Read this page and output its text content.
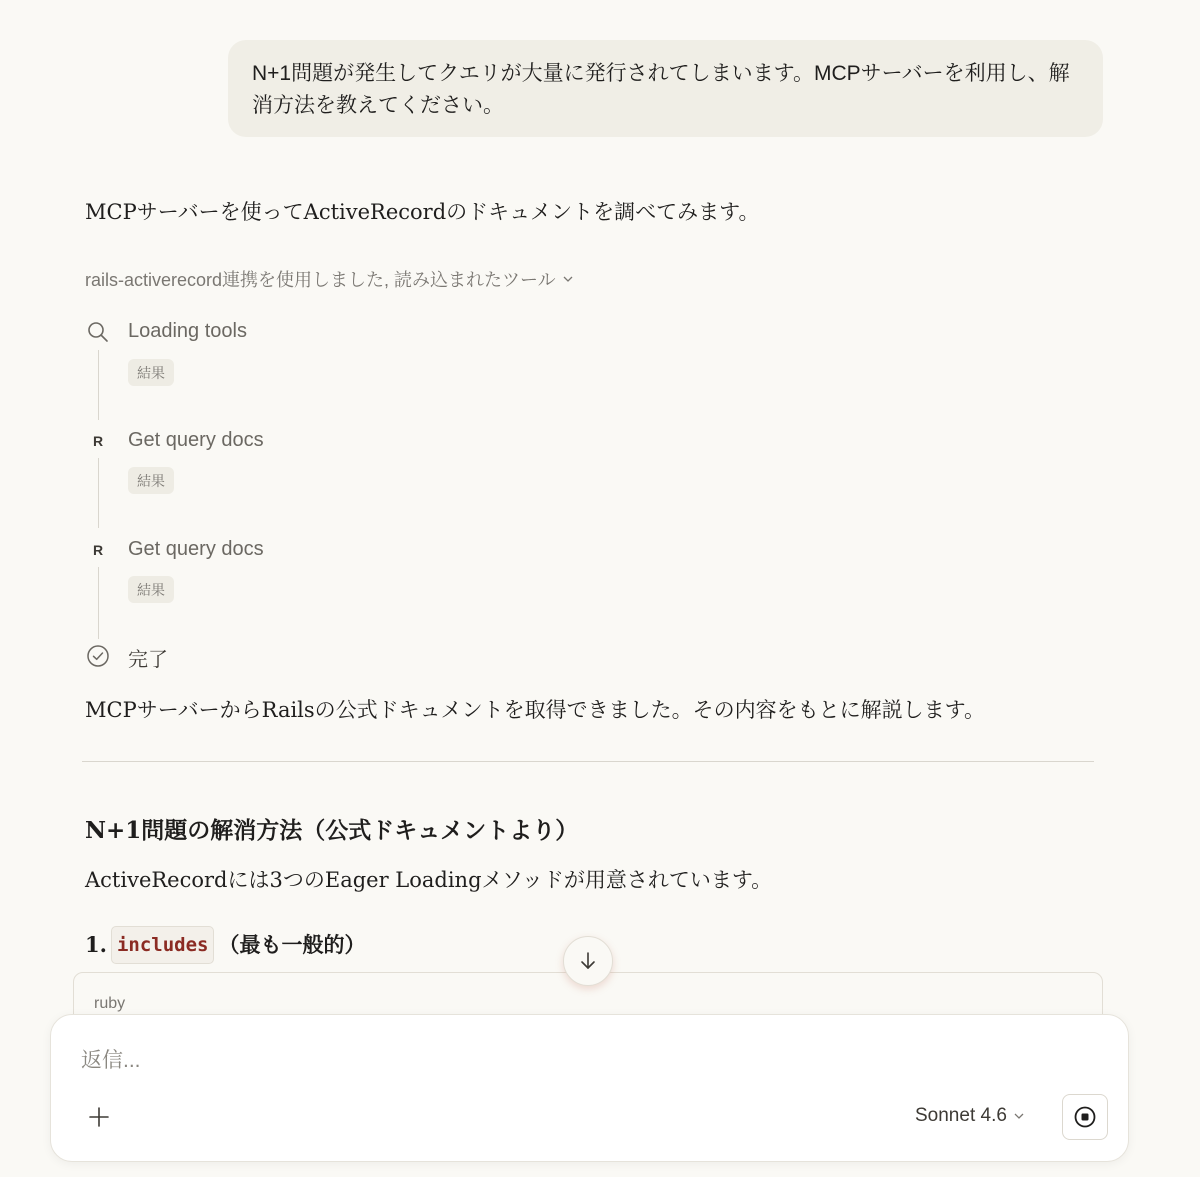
N+1問題が発生してクエリが大量に発行されてしまいます。MCPサーバーを利用し、解消方法を教えてください。
MCPサーバーを使ってActiveRecordのドキュメントを調べてみます。
rails-activerecord連携を使用しました, 読み込まれたツール
Loading tools
結果
R	Get query docs
結果
R	Get query docs
結果
完了
MCPサーバーからRailsの公式ドキュメントを取得できました。その内容をもとに解説します。
N+1問題の解消方法（公式ドキュメントより）
ActiveRecordには3つのEager Loadingメソッドが用意されています。
1. includes （最も一般的）
ruby
返信...
Sonnet 4.6
